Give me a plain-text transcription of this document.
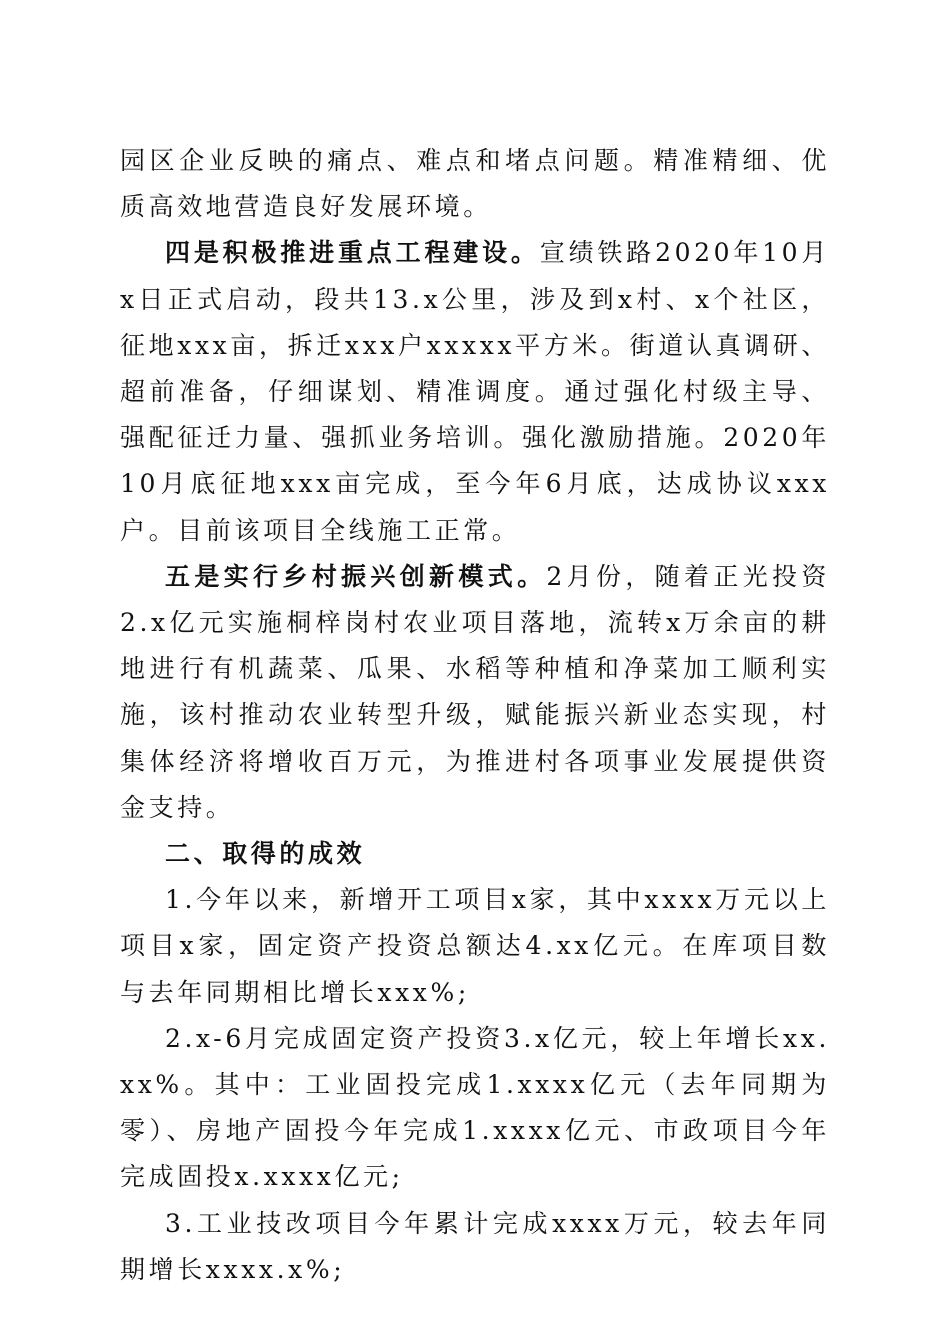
园区企业反映的痛点、难点和堵点问题。精准精细、优质高效地营造良好发展环境。

四是积极推进重点工程建设。宣绩铁路2020年10月x日正式启动，段共13.x公里，涉及到x村、x个社区，征地xxx亩，拆迁xxx户xxxxx平方米。街道认真调研、超前准备，仔细谋划、精准调度。通过强化村级主导、强配征迁力量、强抓业务培训。强化激励措施。2020年10月底征地xxx亩完成，至今年6月底，达成协议xxx户。目前该项目全线施工正常。

五是实行乡村振兴创新模式。2月份，随着正光投资2.x亿元实施桐梓岗村农业项目落地，流转x万余亩的耕地进行有机蔬菜、瓜果、水稻等种植和净菜加工顺利实施，该村推动农业转型升级，赋能振兴新业态实现，村集体经济将增收百万元，为推进村各项事业发展提供资金支持。

二、取得的成效

1.今年以来，新增开工项目x家，其中xxxx万元以上项目x家，固定资产投资总额达4.xx亿元。在库项目数与去年同期相比增长xxx%;

2.x-6月完成固定资产投资3.x亿元，较上年增长xx.xx%。其中：工业固投完成1.xxxx亿元（去年同期为零）、房地产固投今年完成1.xxxx亿元、市政项目今年完成固投x.xxxx亿元;

3.工业技改项目今年累计完成xxxx万元，较去年同期增长xxxx.x%;
